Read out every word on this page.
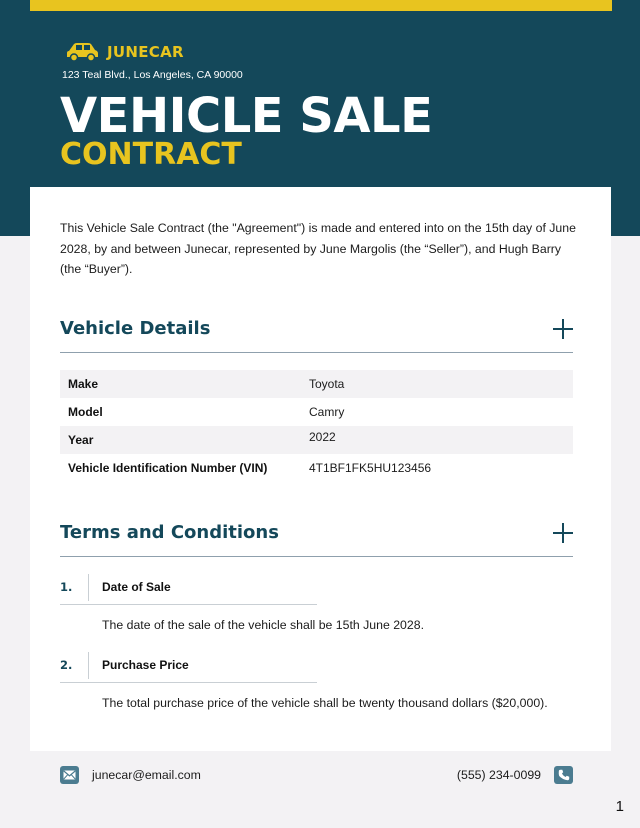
JUNECAR
123 Teal Blvd., Los Angeles, CA 90000
VEHICLE SALE
CONTRACT

This Vehicle Sale Contract (the "Agreement") is made and entered into on the 15th day of June 2028, by and between Junecar, represented by June Margolis (the “Seller”), and Hugh Barry (the “Buyer”).

Vehicle Details
Make	Toyota
Model	Camry
Year	2022
Vehicle Identification Number (VIN)	4T1BF1FK5HU123456
Terms and Conditions
1. Date of Sale
The date of the sale of the vehicle shall be 15th June 2028.
2. Purchase Price
The total purchase price of the vehicle shall be twenty thousand dollars ($20,000).
junecar@email.com	(555) 234-0099
1
